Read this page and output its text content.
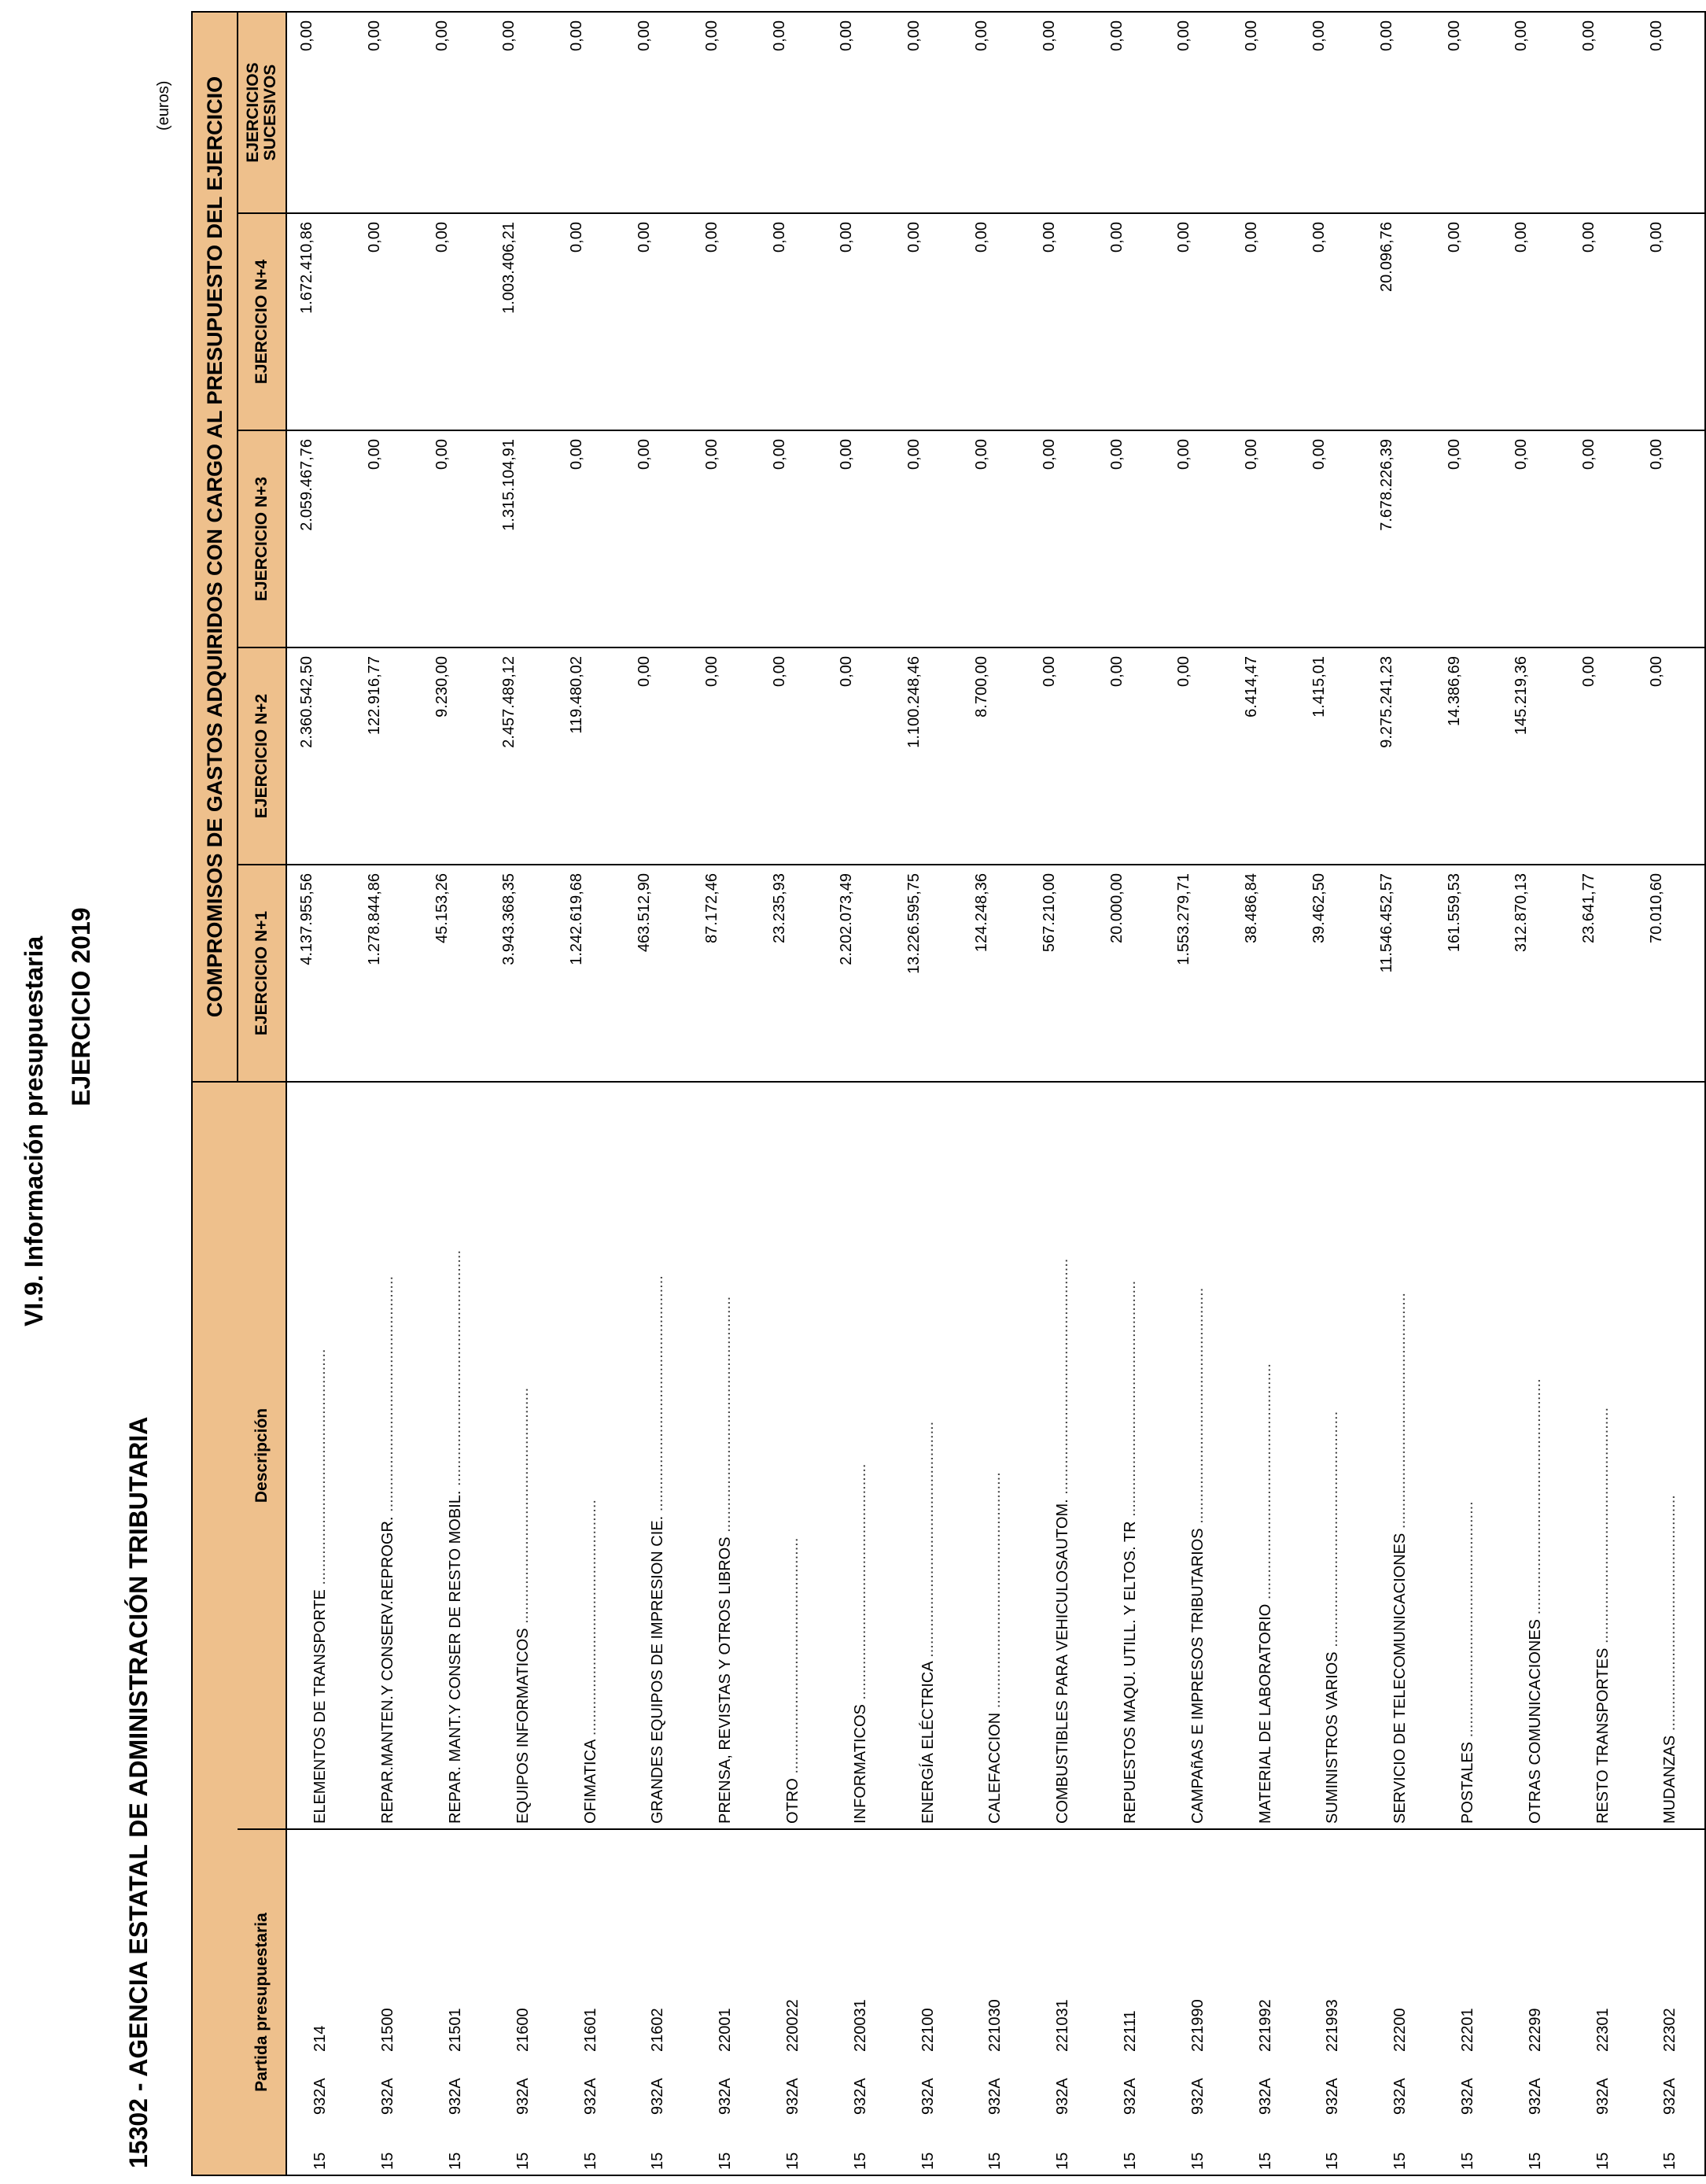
VI.9. Información presupuestaria EJERCICIO 2019
15302 - AGENCIA ESTATAL DE ADMINISTRACIÓN TRIBUTARIA
(euros)
		COMPROMISOS DE GASTOS ADQUIRIDOS CON CARGO AL PRESUPUESTO DEL EJERCICIO				
Partida presupuestaria	Descripción	EJERCICIO N+1	EJERCICIO N+2	EJERCICIO N+3	EJERCICIO N+4	EJERCICIOS SUCESIVOS
15932A214	ELEMENTOS DE TRANSPORTE .....	4.137.955,56	2.360.542,50	2.059.467,76	1.672.410,86	0,00
15932A21500	REPAR.MANTEN.Y CONSERV.REPROGR. .....	1.278.844,86	122.916,77	0,00	0,00	0,00
15932A21501	REPAR. MANT.Y CONSER DE RESTO MOBIL. .....	45.153,26	9.230,00	0,00	0,00	0,00
15932A21600	EQUIPOS INFORMATICOS .....	3.943.368,35	2.457.489,12	1.315.104,91	1.003.406,21	0,00
15932A21601	OFIMATICA .....	1.242.619,68	119.480,02	0,00	0,00	0,00
15932A21602	GRANDES EQUIPOS DE IMPRESION CIE. .....	463.512,90	0,00	0,00	0,00	0,00
15932A22001	PRENSA, REVISTAS Y OTROS LIBROS .....	87.172,46	0,00	0,00	0,00	0,00
15932A220022	OTRO .....	23.235,93	0,00	0,00	0,00	0,00
15932A220031	INFORMATICOS .....	2.202.073,49	0,00	0,00	0,00	0,00
15932A22100	ENERGÍA ELÉCTRICA .....	13.226.595,75	1.100.248,46	0,00	0,00	0,00
15932A221030	CALEFACCION .....	124.248,36	8.700,00	0,00	0,00	0,00
15932A221031	COMBUSTIBLES PARA VEHICULOSAUTOM. .....	567.210,00	0,00	0,00	0,00	0,00
15932A22111	REPUESTOS MAQU. UTILL. Y ELTOS. TR .....	20.000,00	0,00	0,00	0,00	0,00
15932A221990	CAMPAñAS E IMPRESOS TRIBUTARIOS .....	1.553.279,71	0,00	0,00	0,00	0,00
15932A221992	MATERIAL DE LABORATORIO .....	38.486,84	6.414,47	0,00	0,00	0,00
15932A221993	SUMINISTROS VARIOS .....	39.462,50	1.415,01	0,00	0,00	0,00
15932A22200	SERVICIO DE TELECOMUNICACIONES .....	11.546.452,57	9.275.241,23	7.678.226,39	20.096,76	0,00
15932A22201	POSTALES .....	161.559,53	14.386,69	0,00	0,00	0,00
15932A22299	OTRAS COMUNICACIONES .....	312.870,13	145.219,36	0,00	0,00	0,00
15932A22301	RESTO TRANSPORTES .....	23.641,77	0,00	0,00	0,00	0,00
15932A22302	MUDANZAS .....	70.010,60	0,00	0,00	0,00	0,00
